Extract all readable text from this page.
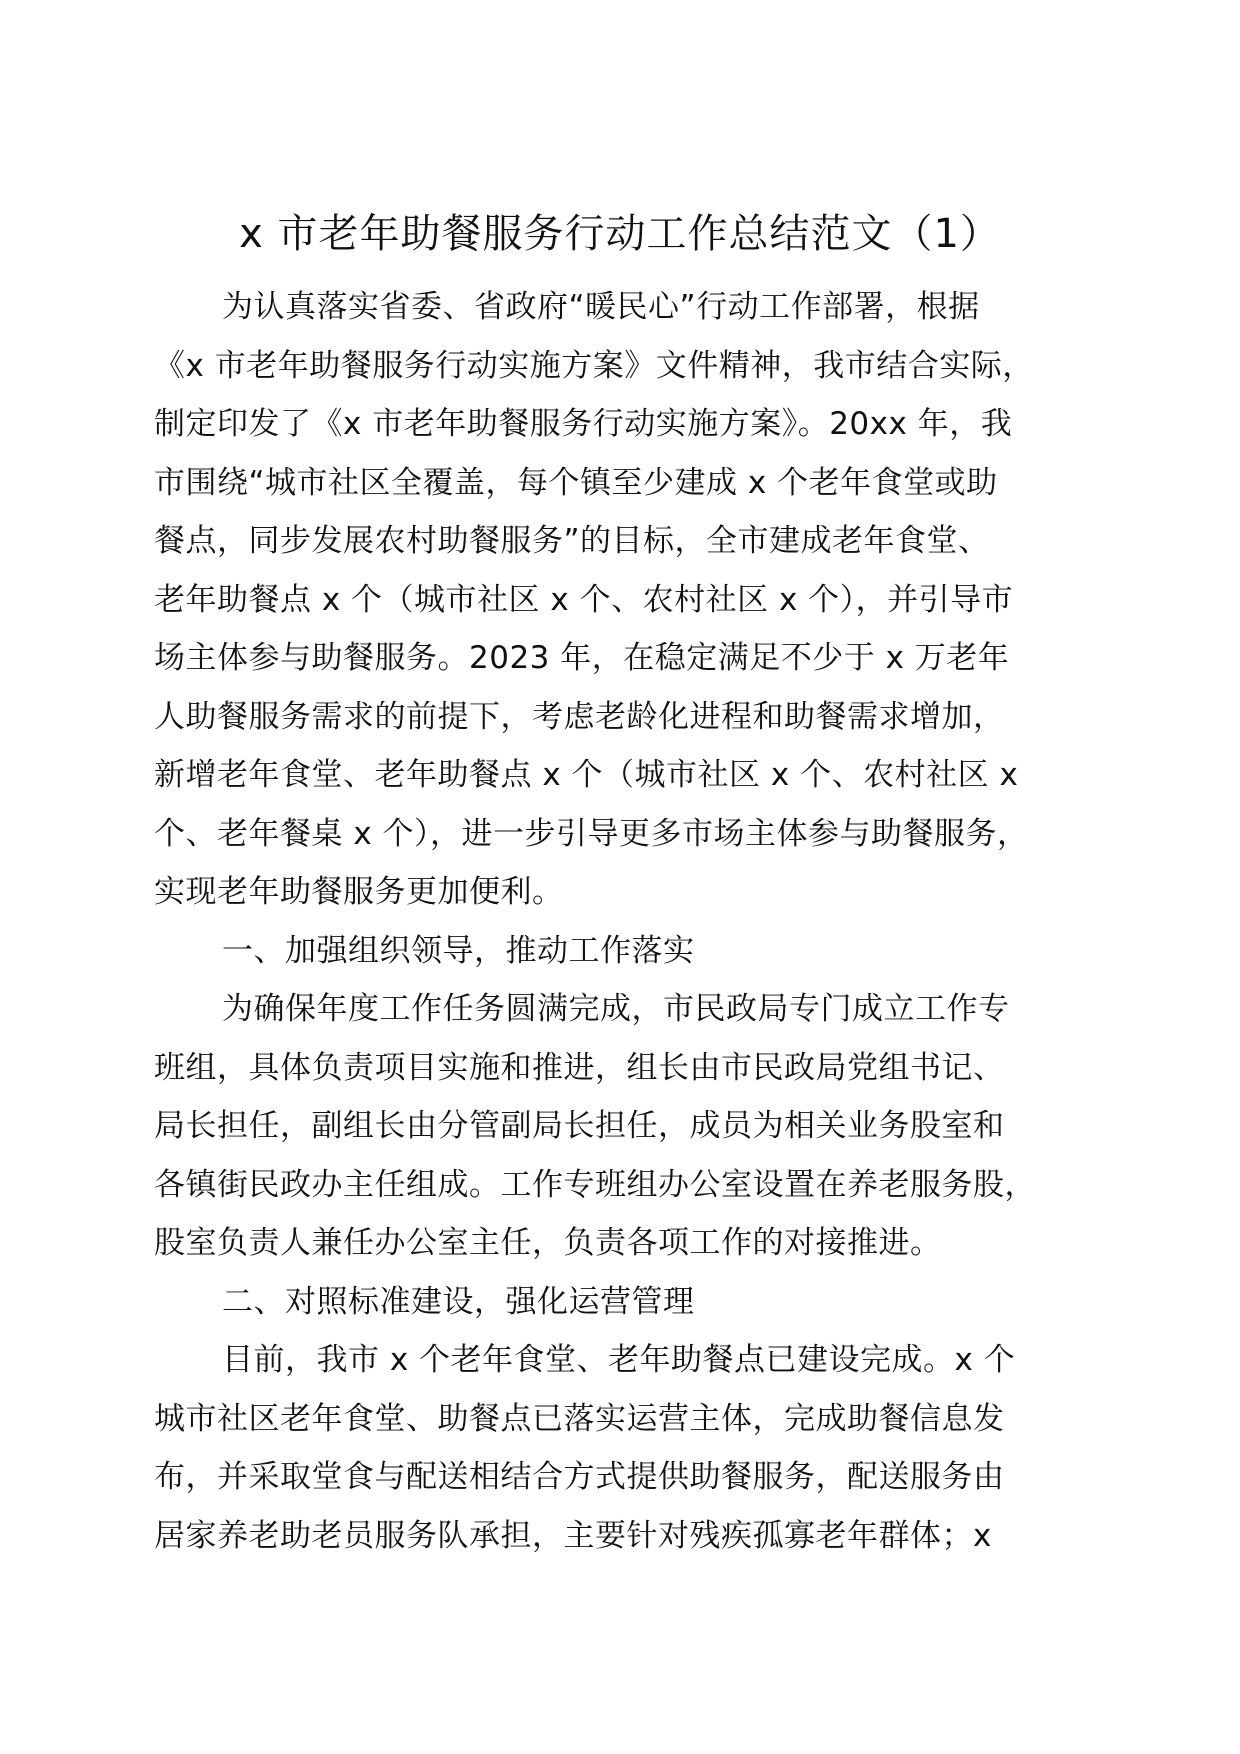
x 市老年助餐服务行动工作总结范文（1）
为认真落实省委、省政府“暖民心”行动工作部署，根据
《x 市老年助餐服务行动实施方案》文件精神，我市结合实际，
制定印发了《x 市老年助餐服务行动实施方案》。20xx 年，我
市围绕“城市社区全覆盖，每个镇至少建成 x 个老年食堂或助
餐点，同步发展农村助餐服务”的目标，全市建成老年食堂、
老年助餐点 x 个（城市社区 x 个、农村社区 x 个），并引导市
场主体参与助餐服务。2023 年，在稳定满足不少于 x 万老年
人助餐服务需求的前提下，考虑老龄化进程和助餐需求增加，
新增老年食堂、老年助餐点 x 个（城市社区 x 个、农村社区 x
个、老年餐桌 x 个），进一步引导更多市场主体参与助餐服务，
实现老年助餐服务更加便利。
一、加强组织领导，推动工作落实
为确保年度工作任务圆满完成，市民政局专门成立工作专
班组，具体负责项目实施和推进，组长由市民政局党组书记、
局长担任，副组长由分管副局长担任，成员为相关业务股室和
各镇街民政办主任组成。工作专班组办公室设置在养老服务股，
股室负责人兼任办公室主任，负责各项工作的对接推进。
二、对照标准建设，强化运营管理
目前，我市 x 个老年食堂、老年助餐点已建设完成。x 个
城市社区老年食堂、助餐点已落实运营主体，完成助餐信息发
布，并采取堂食与配送相结合方式提供助餐服务，配送服务由
居家养老助老员服务队承担，主要针对残疾孤寡老年群体；x
